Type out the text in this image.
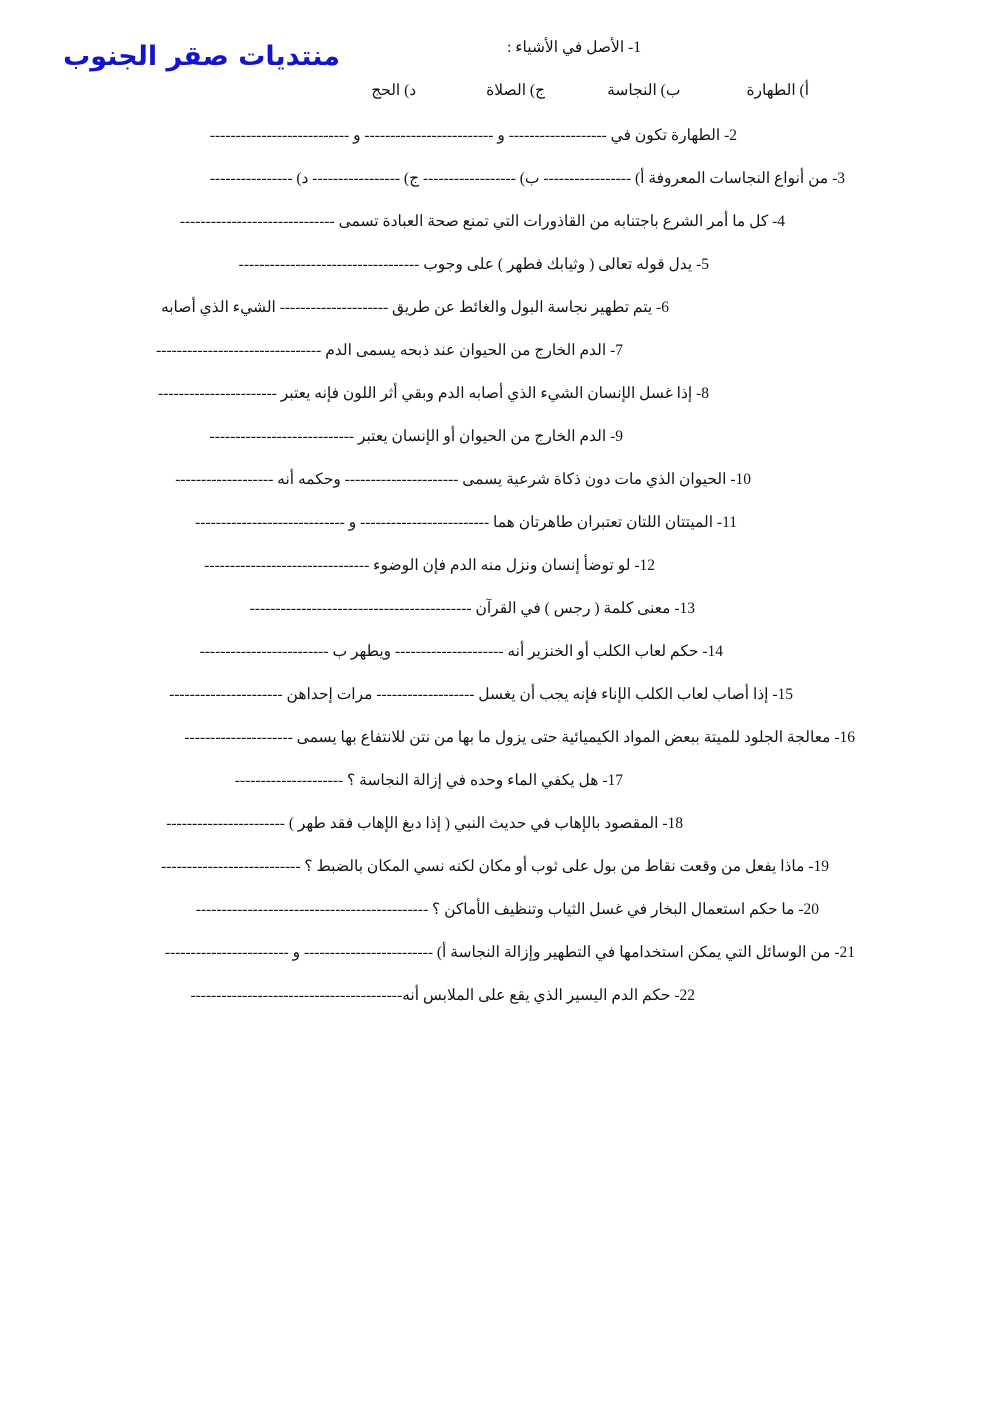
منتديات صقر الجنوب	1- الأصل في الأشياء :
أ) الطهارةب) النجاسةج) الصلاةد) الحج
2- الطهارة تكون في ------------------- و ------------------------- و ---------------------------
3- من أنواع النجاسات المعروفة أ) ----------------- ب) ------------------ ج) ----------------- د) ----------------
4- كل ما أمر الشرع باجتنابه من القاذورات التي تمنع صحة العبادة تسمى ------------------------------
5- يدل قوله تعالى ( وثيابك فطهر ) على وجوب -----------------------------------
6- يتم تطهير نجاسة البول والغائط عن طريق --------------------- الشيء الذي أصابه
7- الدم الخارج من الحيوان عند ذبحه يسمى الدم --------------------------------
8- إذا غسل الإنسان الشيء الذي أصابه الدم وبقي أثر اللون فإنه يعتبر -----------------------
9- الدم الخارج من الحيوان أو الإنسان يعتبر ----------------------------
10- الحيوان الذي مات دون ذكاة شرعية يسمى ---------------------- وحكمه أنه -------------------
11- الميتتان اللتان تعتبران طاهرتان هما ------------------------- و -----------------------------
12- لو توضأ إنسان ونزل منه الدم فإن الوضوء --------------------------------
13- معنى كلمة ( رجس ) في القرآن -------------------------------------------
14- حكم لعاب الكلب أو الخنزير أنه --------------------- ويطهر ب -------------------------
15- إذا أصاب لعاب الكلب الإناء فإنه يجب أن يغسل ------------------- مرات إحداهن ----------------------
16- معالجة الجلود للميتة ببعض المواد الكيميائية حتى يزول ما بها من نتن للانتفاع بها يسمى ---------------------
17- هل يكفي الماء وحده في إزالة النجاسة ؟ ---------------------
18- المقصود بالإهاب في حديث النبي ( إذا دبغ الإهاب فقد طهر ) -----------------------
19- ماذا يفعل من وقعت نقاط من بول على ثوب أو مكان لكنه نسي المكان بالضبط ؟ ---------------------------
20- ما حكم استعمال البخار في غسل الثياب وتنظيف الأماكن ؟ ---------------------------------------------
21- من الوسائل التي يمكن استخدامها في التطهير وإزالة النجاسة أ) ------------------------- و ------------------------
22- حكم الدم اليسير الذي يقع على الملابس أنه-----------------------------------------
